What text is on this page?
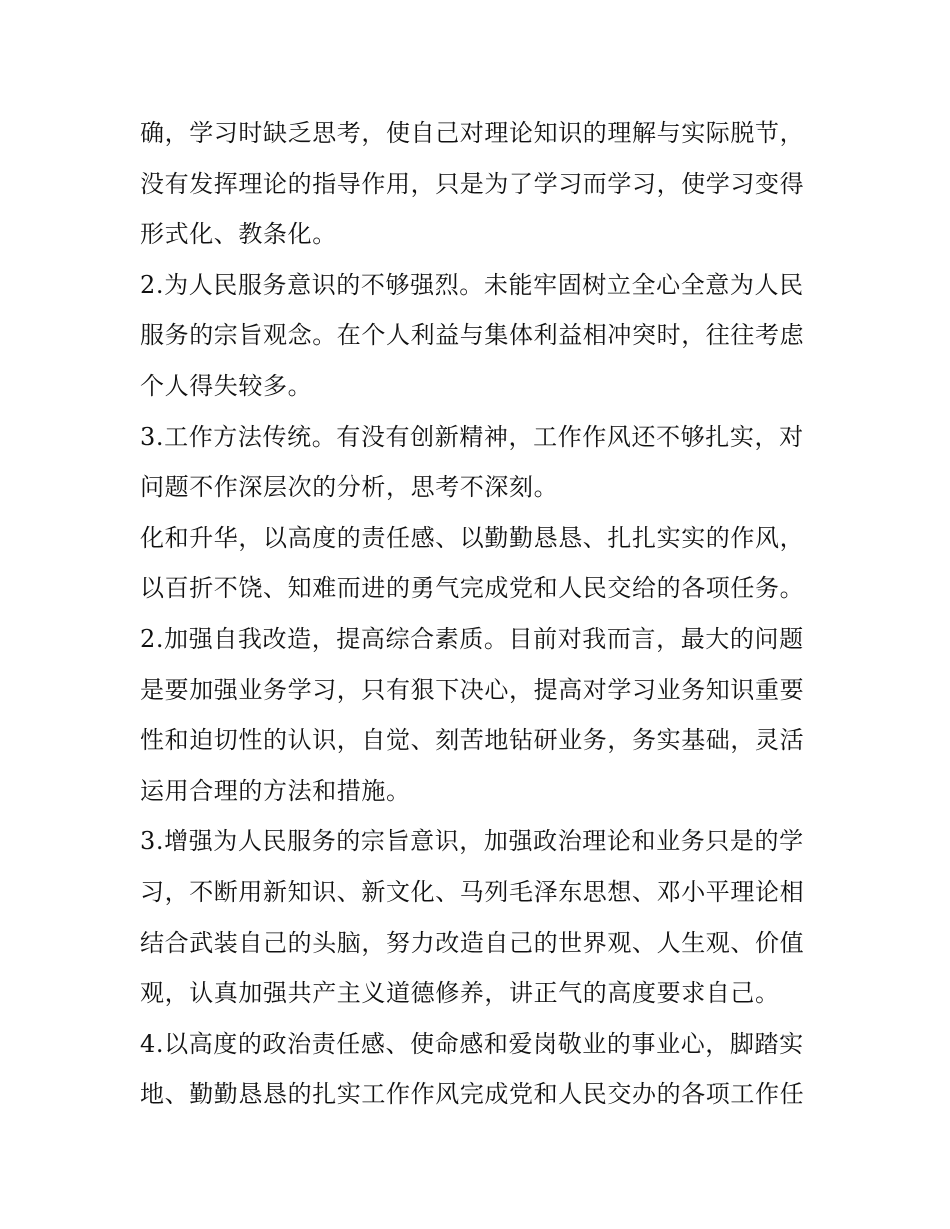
确，学习时缺乏思考，使自己对理论知识的理解与实际脱节，
没有发挥理论的指导作用，只是为了学习而学习，使学习变得
形式化、教条化。
2.为人民服务意识的不够强烈。未能牢固树立全心全意为人民
服务的宗旨观念。在个人利益与集体利益相冲突时，往往考虑
个人得失较多。
3.工作方法传统。有没有创新精神，工作作风还不够扎实，对
问题不作深层次的分析，思考不深刻。
化和升华，以高度的责任感、以勤勤恳恳、扎扎实实的作风，
以百折不饶、知难而进的勇气完成党和人民交给的各项任务。
2.加强自我改造，提高综合素质。目前对我而言，最大的问题
是要加强业务学习，只有狠下决心，提高对学习业务知识重要
性和迫切性的认识，自觉、刻苦地钻研业务，务实基础，灵活
运用合理的方法和措施。
3.增强为人民服务的宗旨意识，加强政治理论和业务只是的学
习，不断用新知识、新文化、马列毛泽东思想、邓小平理论相
结合武装自己的头脑，努力改造自己的世界观、人生观、价值
观，认真加强共产主义道德修养，讲正气的高度要求自己。
4.以高度的政治责任感、使命感和爱岗敬业的事业心，脚踏实
地、勤勤恳恳的扎实工作作风完成党和人民交办的各项工作任
